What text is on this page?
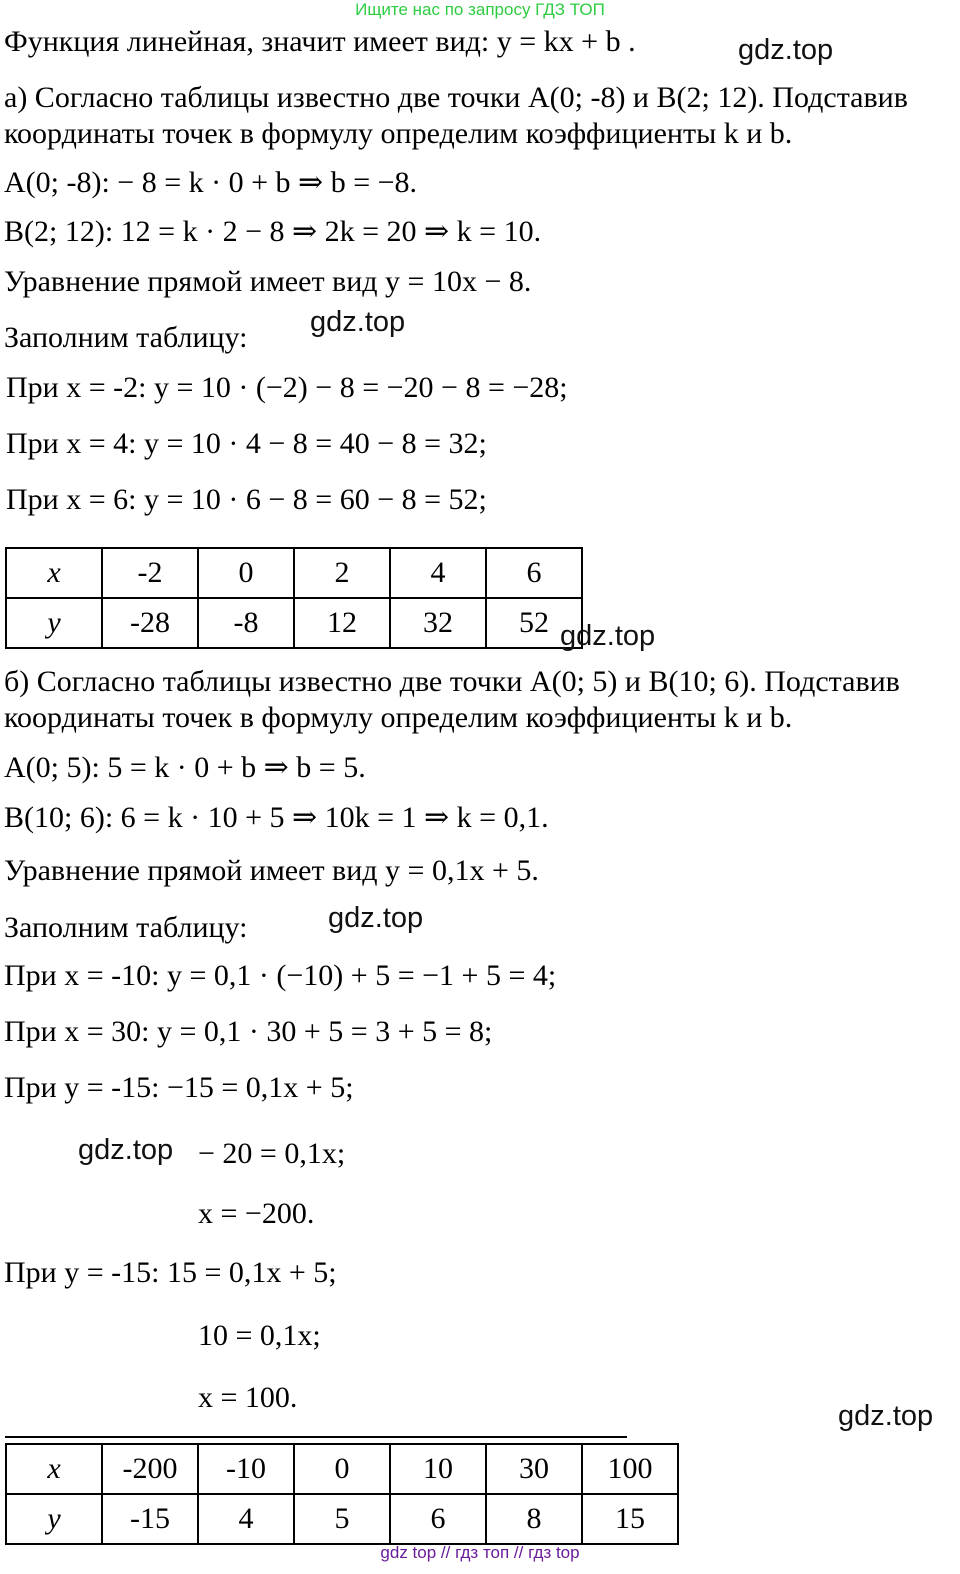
Ищите нас по запросу ГДЗ ТОП
Функция линейная, значит имеет вид: y = kx + b .	gdz.top
а) Согласно таблицы известно две точки A(0; -8) и B(2; 12). Подставив
координаты точек в формулу определим коэффициенты k и b.
A(0; -8): − 8 = k · 0 + b ⇒ b = −8.
B(2; 12): 12 = k · 2 − 8 ⇒ 2k = 20 ⇒ k = 10.
Уравнение прямой имеет вид y = 10x − 8.
Заполним таблицу: gdz.top
При x = -2: y = 10 · (−2) − 8 = −20 − 8 = −28;
При x = 4: y = 10 · 4 − 8 = 40 − 8 = 32;
При x = 6: y = 10 · 6 − 8 = 60 − 8 = 52;
x	-2	0	2	4	6
y	-28	-8	12	32	52 gdz.top
б) Согласно таблицы известно две точки A(0; 5) и B(10; 6). Подставив
координаты точек в формулу определим коэффициенты k и b.
A(0; 5): 5 = k · 0 + b ⇒ b = 5.
B(10; 6): 6 = k · 10 + 5 ⇒ 10k = 1 ⇒ k = 0,1.
Уравнение прямой имеет вид y = 0,1x + 5.
Заполним таблицу:	gdz.top
При x = -10: y = 0,1 · (−10) + 5 = −1 + 5 = 4;
При x = 30: y = 0,1 · 30 + 5 = 3 + 5 = 8;
При y = -15: −15 = 0,1x + 5;
gdz.top − 20 = 0,1x;
x = −200.
При y = -15: 15 = 0,1x + 5;
10 = 0,1x;
x = 100.
gdz.top
x	-200	-10	0	10	30	100
y	-15	4	5	6	8	15
gdz top // гдз топ // гдз top
